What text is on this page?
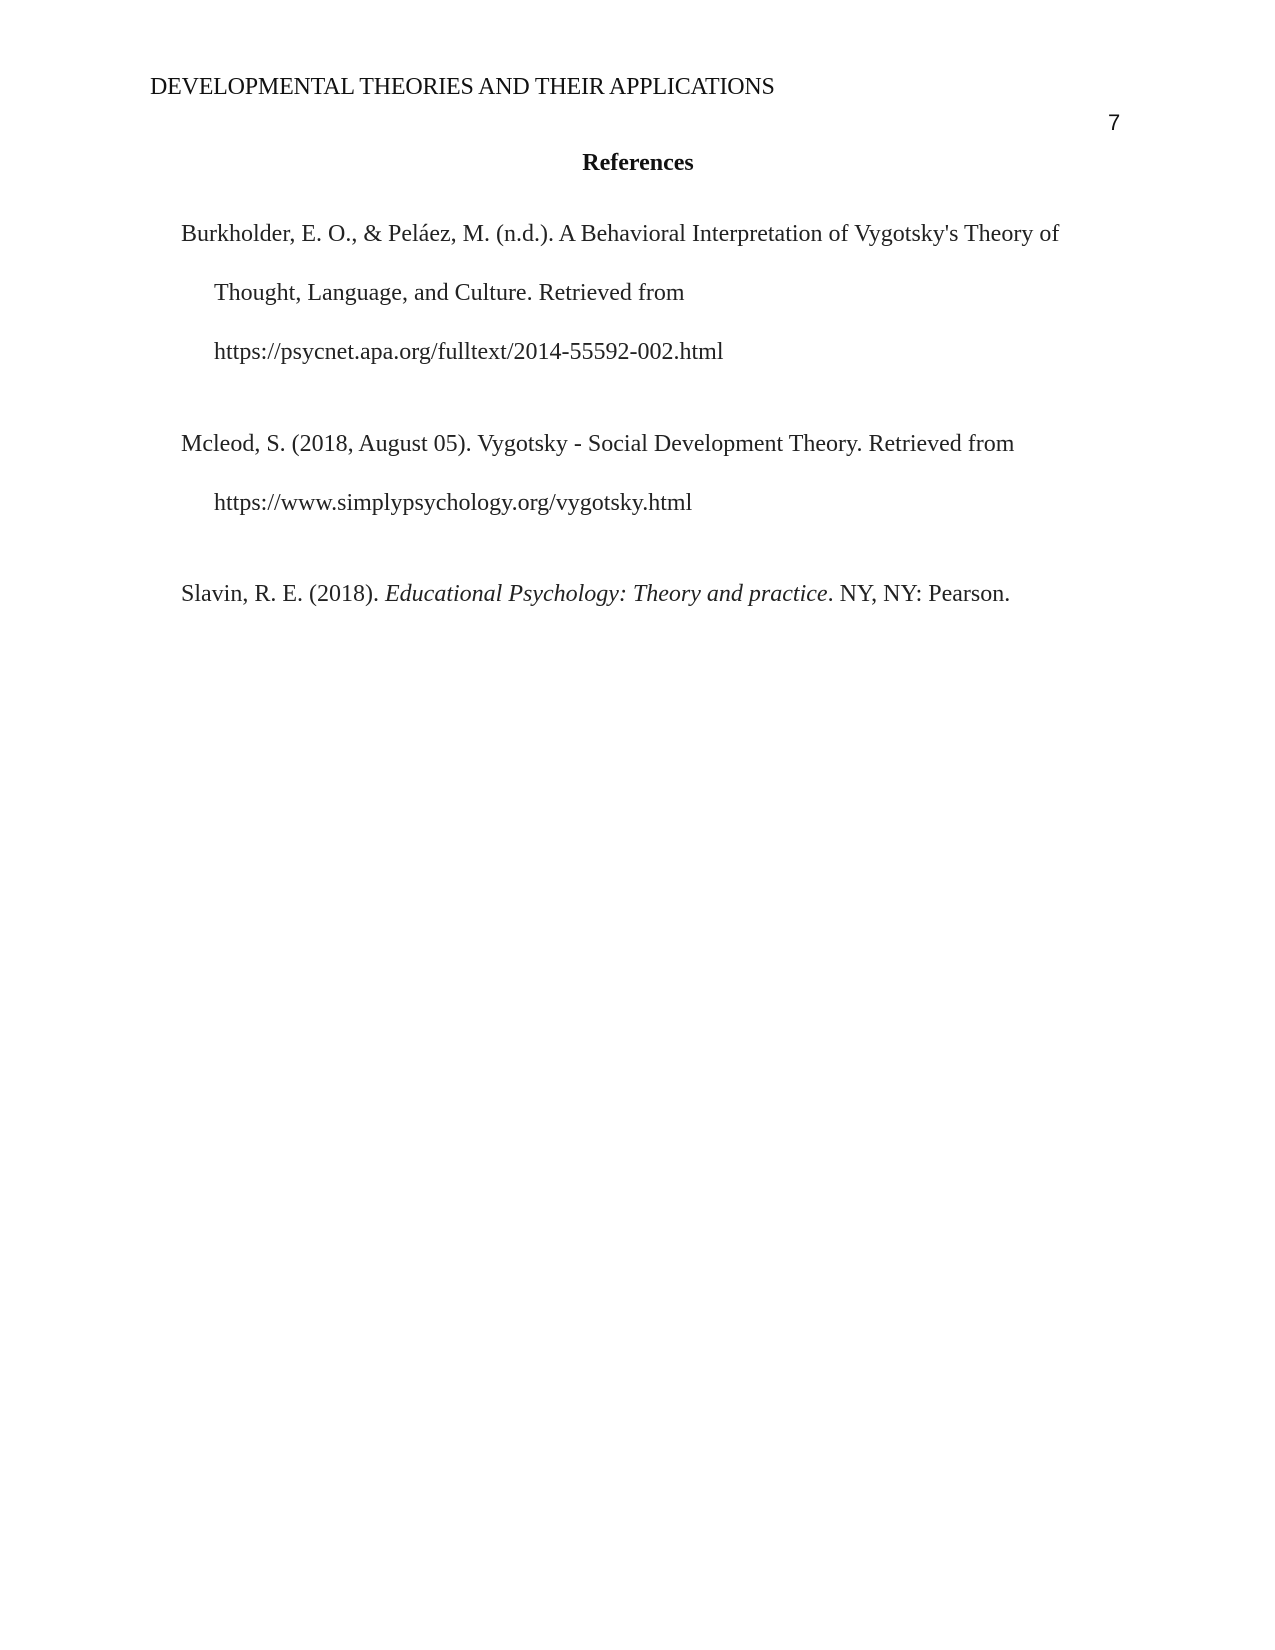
DEVELOPMENTAL THEORIES AND THEIR APPLICATIONS
7
References
Burkholder, E. O., & Peláez, M. (n.d.). A Behavioral Interpretation of Vygotsky's Theory of
Thought, Language, and Culture. Retrieved from
https://psycnet.apa.org/fulltext/2014-55592-002.html
Mcleod, S. (2018, August 05). Vygotsky - Social Development Theory. Retrieved from
https://www.simplypsychology.org/vygotsky.html
Slavin, R. E. (2018). Educational Psychology: Theory and practice. NY, NY: Pearson.
